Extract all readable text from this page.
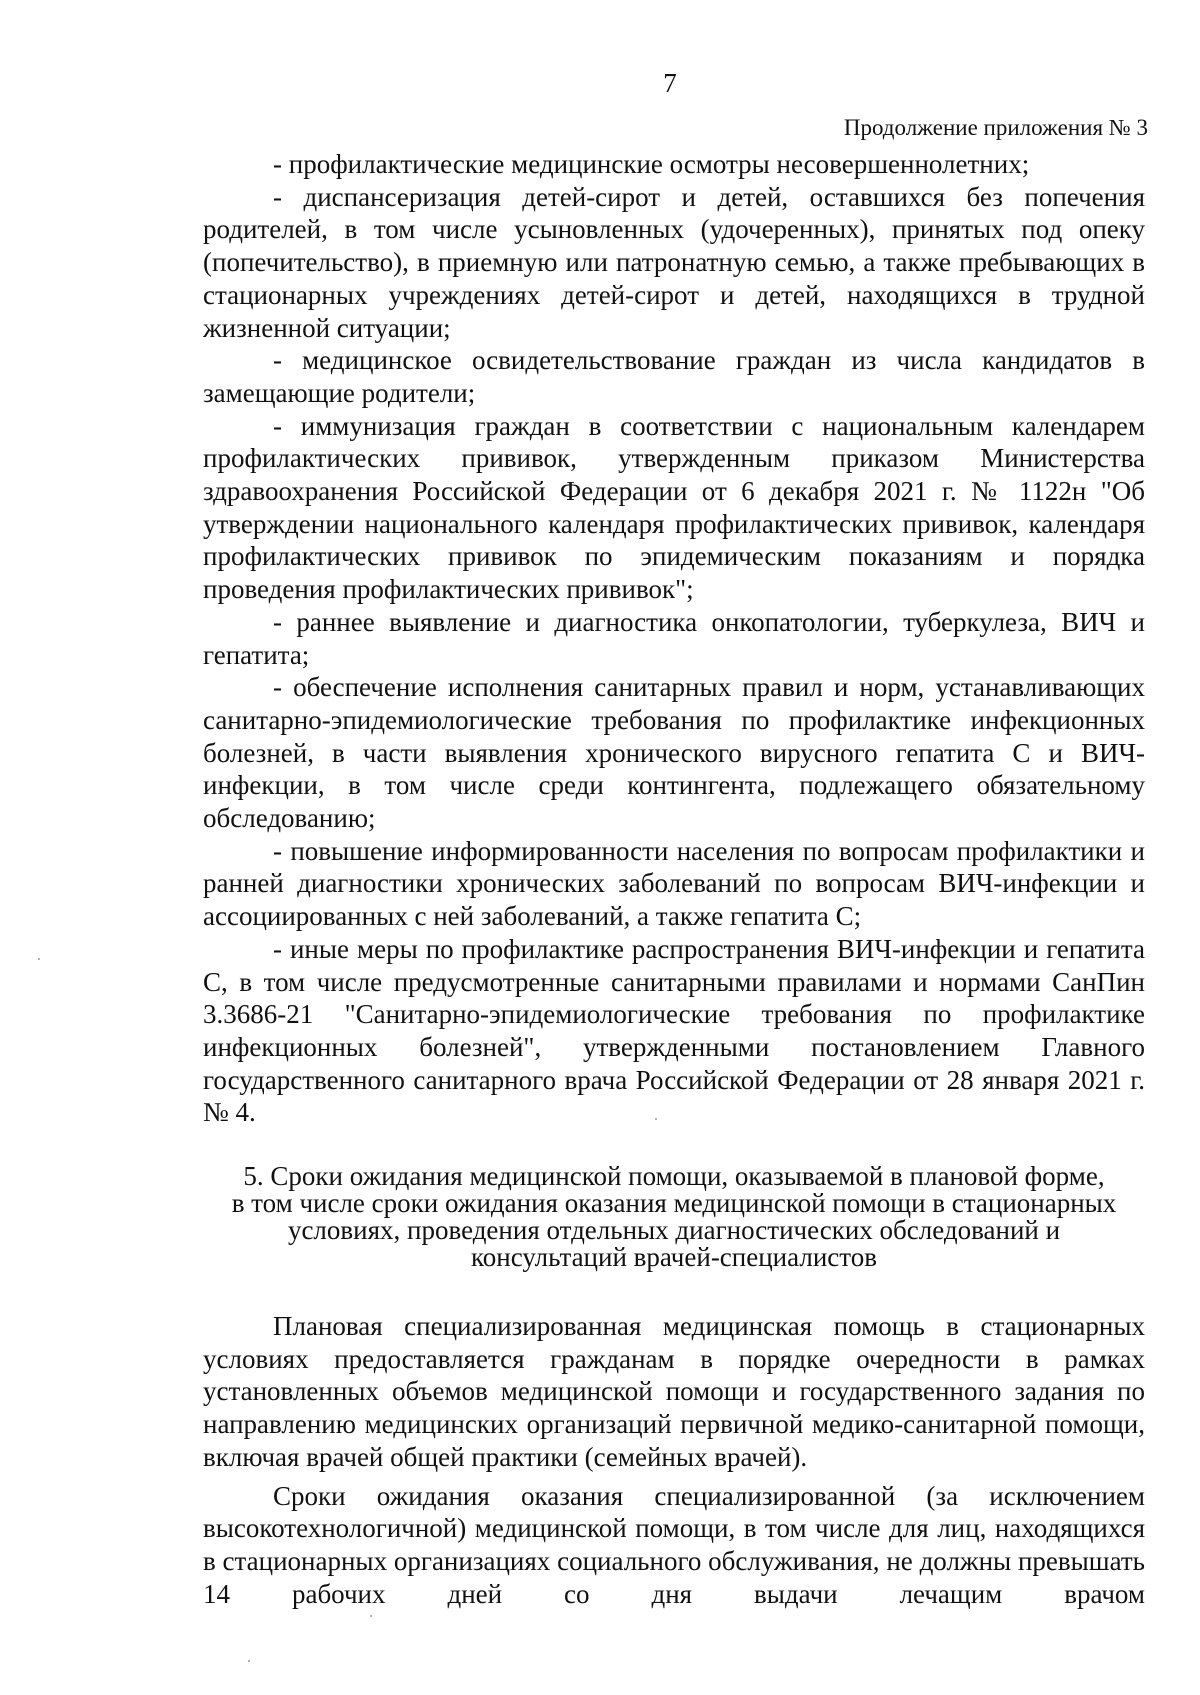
7
Продолжение приложения № 3

- профилактические медицинские осмотры несовершеннолетних;

- диспансеризация детей-сирот и детей, оставшихся без попечения родителей, в том числе усыновленных (удочеренных), принятых под опеку (попечительство), в приемную или патронатную семью, а также пребывающих в стационарных учреждениях детей-сирот и детей, находящихся в трудной жизненной ситуации;

- медицинское освидетельствование граждан из числа кандидатов в замещающие родители;

- иммунизация граждан в соответствии с национальным календарем профилактических прививок, утвержденным приказом Министерства здравоохранения Российской Федерации от 6 декабря 2021 г. № 1122н "Об утверждении национального календаря профилактических прививок, календаря профилактических прививок по эпидемическим показаниям и порядка проведения профилактических прививок";

- раннее выявление и диагностика онкопатологии, туберкулеза, ВИЧ и гепатита;

- обеспечение исполнения санитарных правил и норм, устанавливающих санитарно-эпидемиологические требования по профилактике инфекционных болезней, в части выявления хронического вирусного гепатита С и ВИЧ-инфекции, в том числе среди контингента, подлежащего обязательному обследованию;

- повышение информированности населения по вопросам профилактики и ранней диагностики хронических заболеваний по вопросам ВИЧ-инфекции и ассоциированных с ней заболеваний, а также гепатита С;

- иные меры по профилактике распространения ВИЧ-инфекции и гепатита С, в том числе предусмотренные санитарными правилами и нормами СанПин 3.3686-21 "Санитарно-эпидемиологические требования по профилактике инфекционных болезней", утвержденными постановлением Главного государственного санитарного врача Российской Федерации от 28 января 2021 г. № 4.

5. Сроки ожидания медицинской помощи, оказываемой в плановой форме,

в том числе сроки ожидания оказания медицинской помощи в стационарных

условиях, проведения отдельных диагностических обследований и

консультаций врачей-специалистов

Плановая специализированная медицинская помощь в стационарных условиях предоставляется гражданам в порядке очередности в рамках установленных объемов медицинской помощи и государственного задания по направлению медицинских организаций первичной медико-санитарной помощи, включая врачей общей практики (семейных врачей).

Сроки ожидания оказания специализированной (за исключением высокотехнологичной) медицинской помощи, в том числе для лиц, находящихся в стационарных организациях социального обслуживания, не должны превышать 14 рабочих дней со дня выдачи лечащим врачом
